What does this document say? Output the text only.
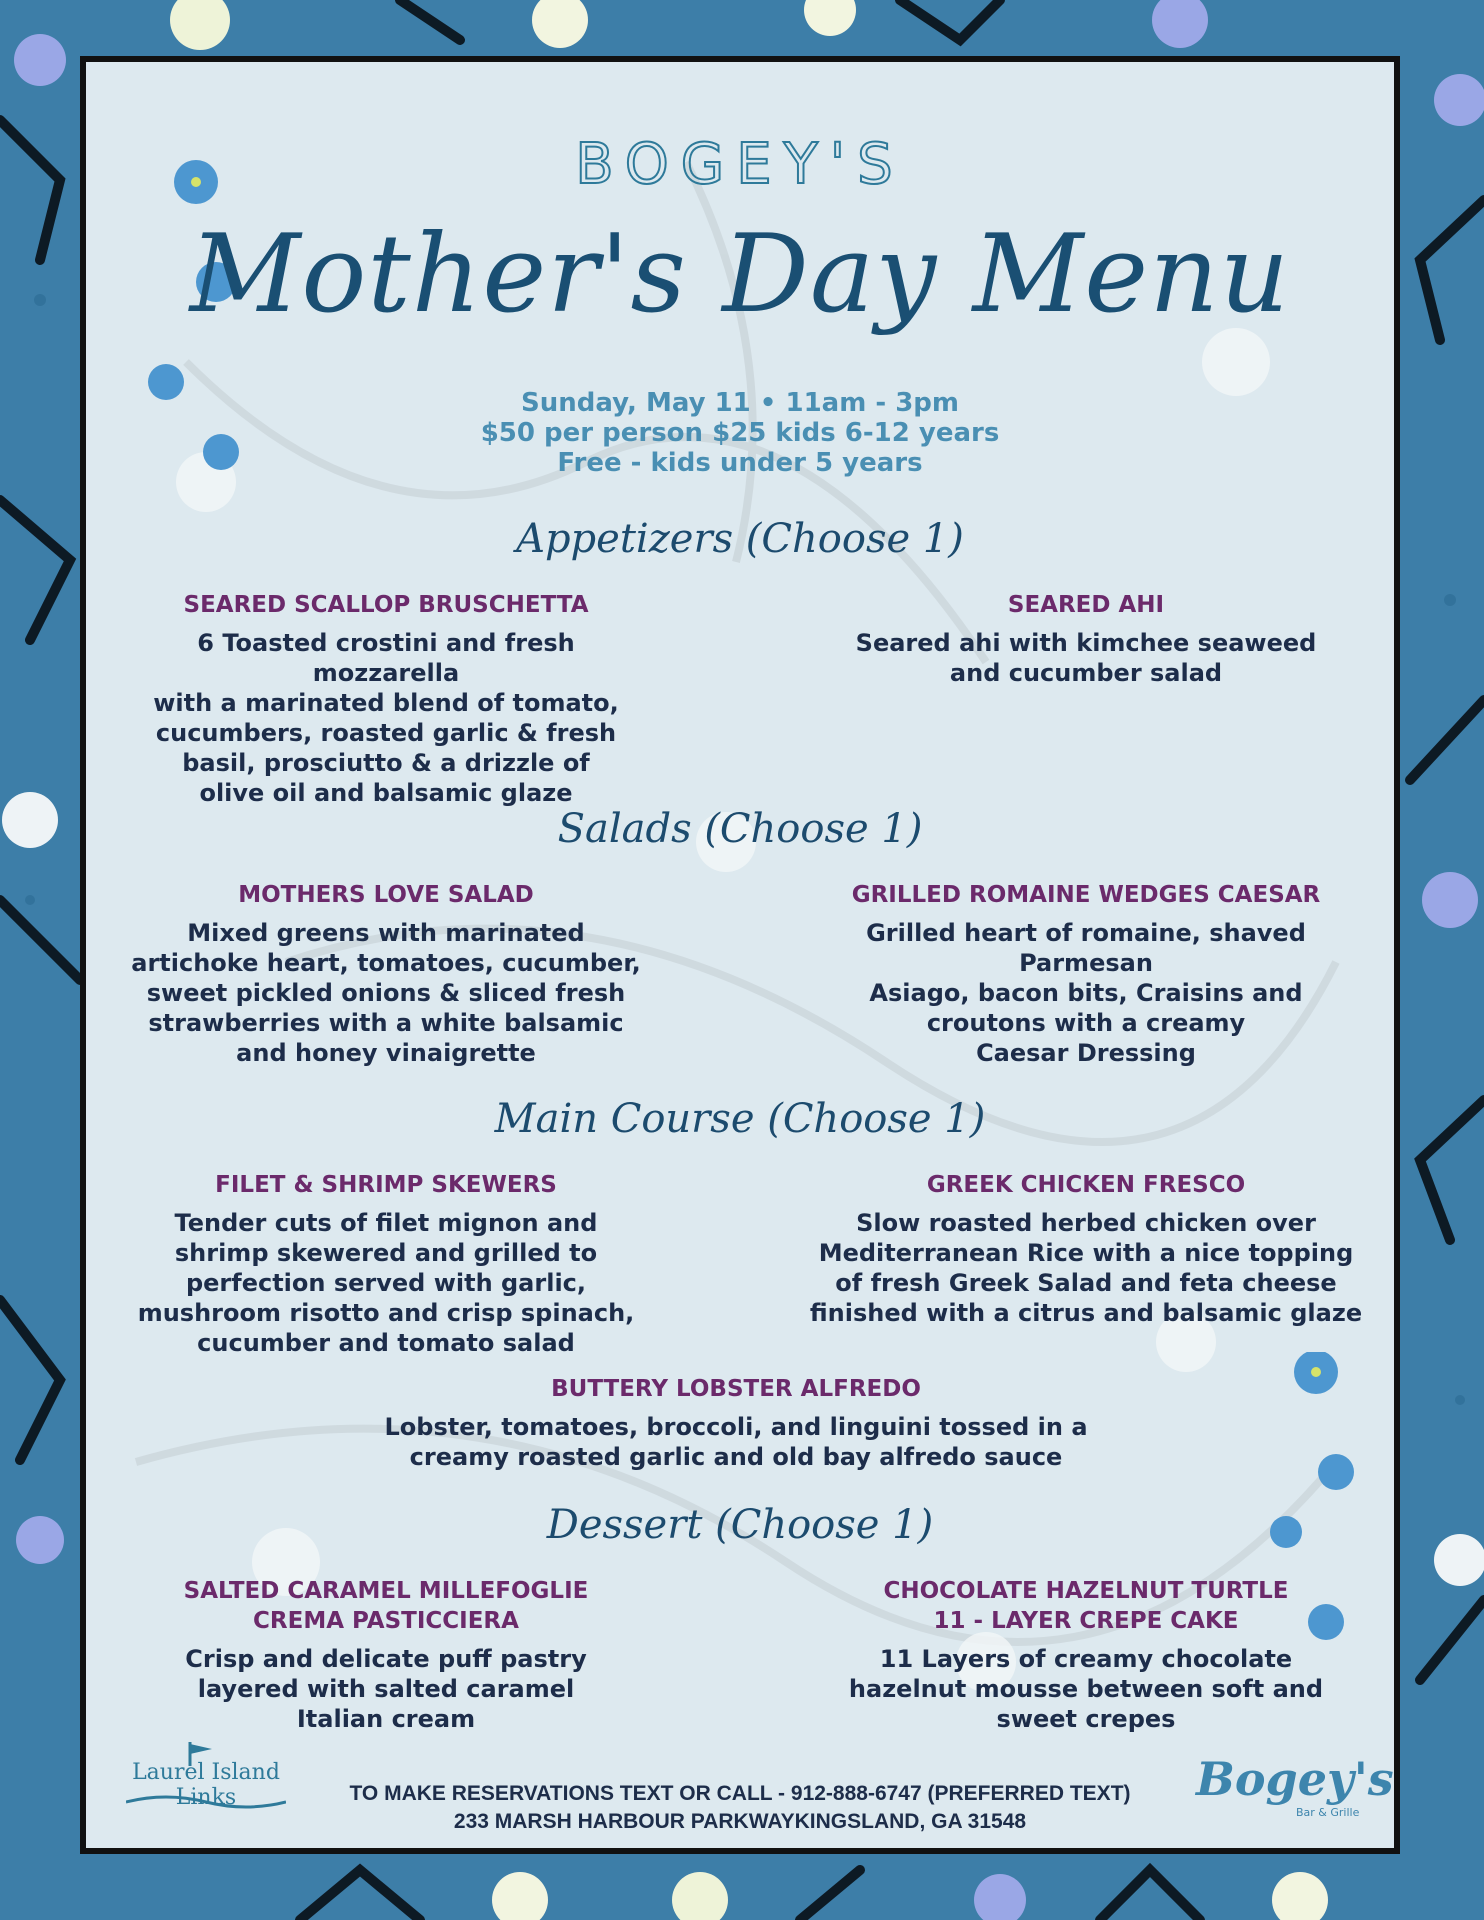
BOGEY'S
Mother's Day Menu
Sunday, May 11 • 11am - 3pm
$50 per person $25 kids 6-12 years
Free - kids under 5 years
Appetizers (Choose 1)
SEARED SCALLOP BRUSCHETTA
6 Toasted crostini and fresh mozzarella
with a marinated blend of tomato,
cucumbers, roasted garlic & fresh
basil, prosciutto & a drizzle of
olive oil and balsamic glaze
SEARED AHI
Seared ahi with kimchee seaweed
and cucumber salad
Salads (Choose 1)
MOTHERS LOVE SALAD
Mixed greens with marinated
artichoke heart, tomatoes, cucumber,
sweet pickled onions & sliced fresh
strawberries with a white balsamic
and honey vinaigrette
GRILLED ROMAINE WEDGES CAESAR
Grilled heart of romaine, shaved Parmesan
Asiago, bacon bits, Craisins and
croutons with a creamy
Caesar Dressing
Main Course (Choose 1)
FILET & SHRIMP SKEWERS
Tender cuts of filet mignon and
shrimp skewered and grilled to
perfection served with garlic,
mushroom risotto and crisp spinach,
cucumber and tomato salad
GREEK CHICKEN FRESCO
Slow roasted herbed chicken over
Mediterranean Rice with a nice topping
of fresh Greek Salad and feta cheese
finished with a citrus and balsamic glaze
BUTTERY LOBSTER ALFREDO
Lobster, tomatoes, broccoli, and linguini tossed in a
creamy roasted garlic and old bay alfredo sauce
Dessert (Choose 1)
SALTED CARAMEL MILLEFOGLIE
CREMA PASTICCIERA
Crisp and delicate puff pastry
layered with salted caramel
Italian cream
CHOCOLATE HAZELNUT TURTLE
11 - LAYER CREPE CAKE
11 Layers of creamy chocolate
hazelnut mousse between soft and
sweet crepes
Laurel Island Links	TO MAKE RESERVATIONS TEXT OR CALL - 912-888-6747 (PREFERRED TEXT)
233 MARSH HARBOUR PARKWAYKINGSLAND, GA 31548
Bogey's
Bar & Grille
